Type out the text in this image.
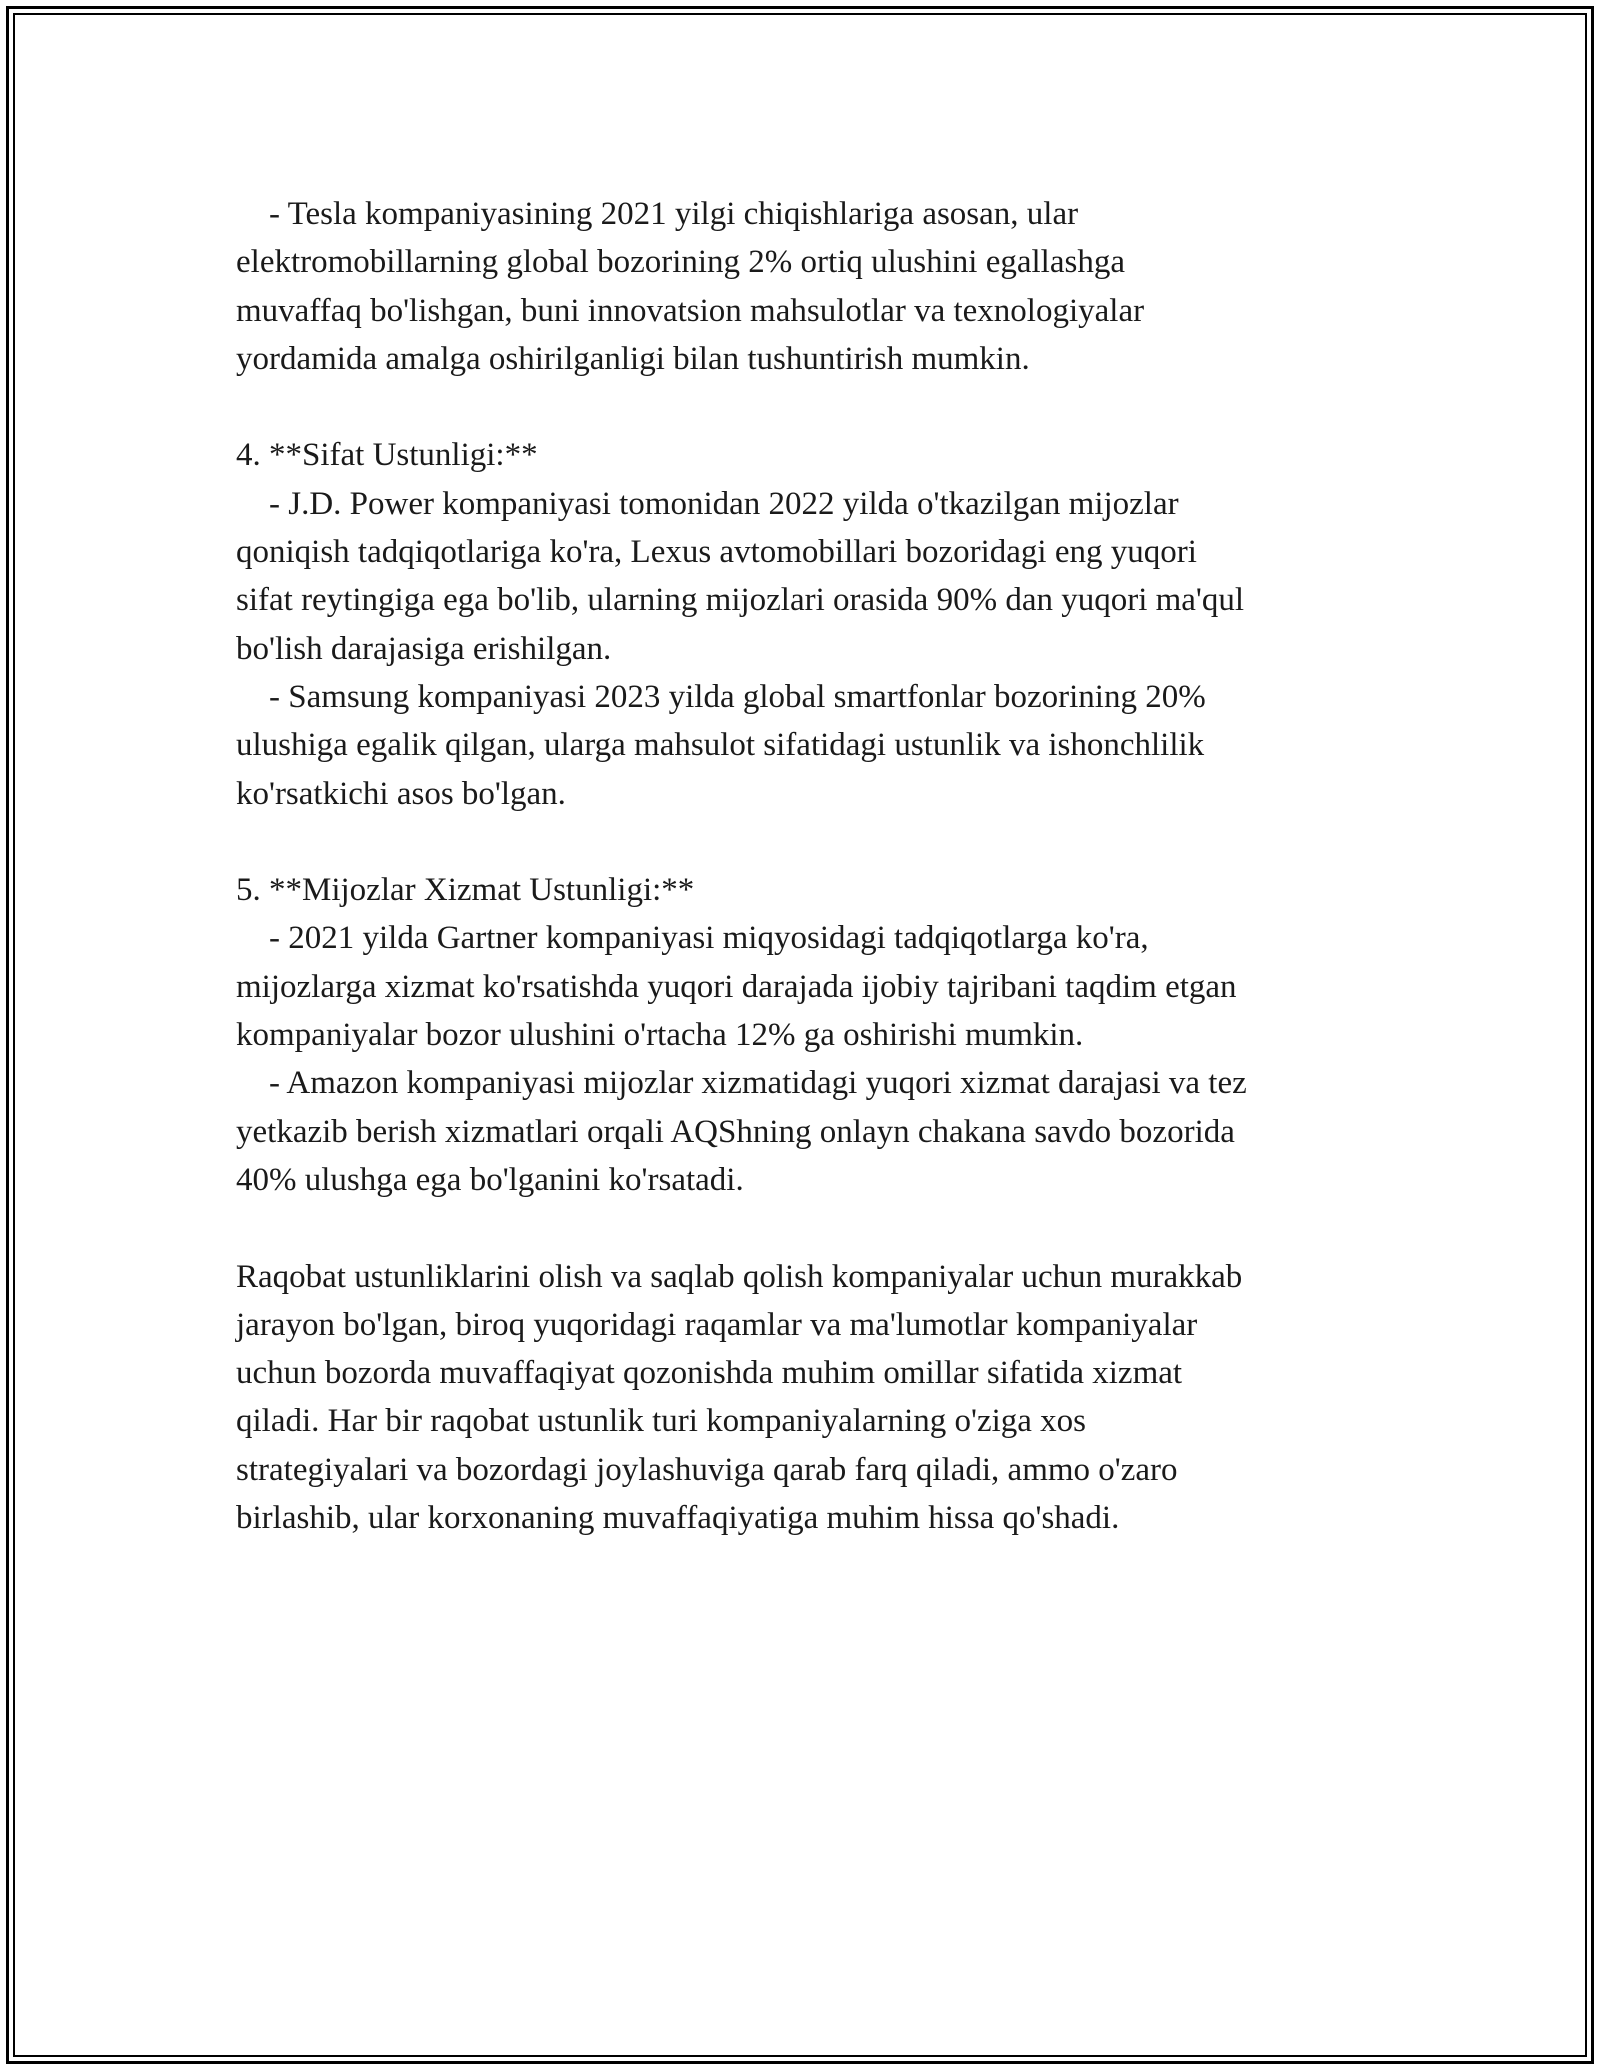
- Tesla kompaniyasining 2021 yilgi chiqishlariga asosan, ular

elektromobillarning global bozorining 2% ortiq ulushini egallashga

muvaffaq bo'lishgan, buni innovatsion mahsulotlar va texnologiyalar

yordamida amalga oshirilganligi bilan tushuntirish mumkin.

4. **Sifat Ustunligi:**

- J.D. Power kompaniyasi tomonidan 2022 yilda o'tkazilgan mijozlar

qoniqish tadqiqotlariga ko'ra, Lexus avtomobillari bozoridagi eng yuqori

sifat reytingiga ega bo'lib, ularning mijozlari orasida 90% dan yuqori ma'qul

bo'lish darajasiga erishilgan.

- Samsung kompaniyasi 2023 yilda global smartfonlar bozorining 20%

ulushiga egalik qilgan, ularga mahsulot sifatidagi ustunlik va ishonchlilik

ko'rsatkichi asos bo'lgan.

5. **Mijozlar Xizmat Ustunligi:**

- 2021 yilda Gartner kompaniyasi miqyosidagi tadqiqotlarga ko'ra,

mijozlarga xizmat ko'rsatishda yuqori darajada ijobiy tajribani taqdim etgan

kompaniyalar bozor ulushini o'rtacha 12% ga oshirishi mumkin.

- Amazon kompaniyasi mijozlar xizmatidagi yuqori xizmat darajasi va tez

yetkazib berish xizmatlari orqali AQShning onlayn chakana savdo bozorida

40% ulushga ega bo'lganini ko'rsatadi.

Raqobat ustunliklarini olish va saqlab qolish kompaniyalar uchun murakkab

jarayon bo'lgan, biroq yuqoridagi raqamlar va ma'lumotlar kompaniyalar

uchun bozorda muvaffaqiyat qozonishda muhim omillar sifatida xizmat

qiladi. Har bir raqobat ustunlik turi kompaniyalarning o'ziga xos

strategiyalari va bozordagi joylashuviga qarab farq qiladi, ammo o'zaro

birlashib, ular korxonaning muvaffaqiyatiga muhim hissa qo'shadi.
